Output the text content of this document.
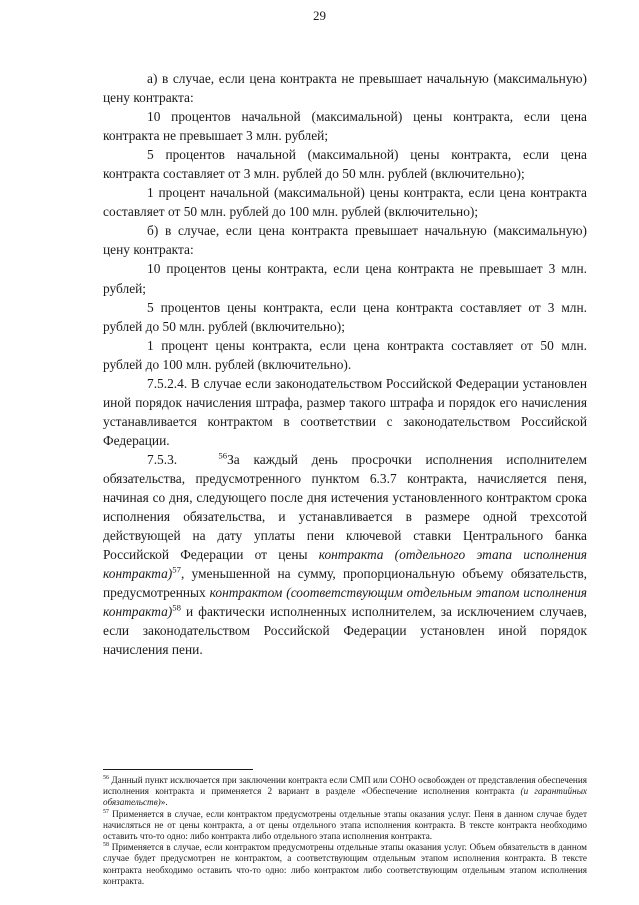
29

а) в случае, если цена контракта не превышает начальную (максимальную) цену контракта:

10 процентов начальной (максимальной) цены контракта, если цена контракта не превышает 3 млн. рублей;

5 процентов начальной (максимальной) цены контракта, если цена контракта составляет от 3 млн. рублей до 50 млн. рублей (включительно);

1 процент начальной (максимальной) цены контракта, если цена контракта составляет от 50 млн. рублей до 100 млн. рублей (включительно);

б) в случае, если цена контракта превышает начальную (максимальную) цену контракта:

10 процентов цены контракта, если цена контракта не превышает 3 млн. рублей;

5 процентов цены контракта, если цена контракта составляет от 3 млн. рублей до 50 млн. рублей (включительно);

1 процент цены контракта, если цена контракта составляет от 50 млн. рублей до 100 млн. рублей (включительно).

7.5.2.4. В случае если законодательством Российской Федерации установлен иной порядок начисления штрафа, размер такого штрафа и порядок его начисления устанавливается контрактом в соответствии с законодательством Российской Федерации.

7.5.3.	$^{56}$За каждый день просрочки исполнения исполнителем обязательства, предусмотренного пунктом 6.3.7 контракта, начисляется пеня, начиная со дня, следующего после дня истечения установленного контрактом срока исполнения обязательства, и устанавливается в размере одной трехсотой действующей на дату уплаты пени ключевой ставки Центрального банка Российской Федерации от цены контракта (отдельного этапа исполнения контракта)$^{57}$, уменьшенной на сумму, пропорциональную объему обязательств, предусмотренных контрактом (соответствующим отдельным этапом исполнения контракта)$^{58}$ и фактически исполненных исполнителем, за исключением случаев, если законодательством Российской Федерации установлен иной порядок начисления пени.

$^{56}$ Данный пункт исключается при заключении контракта если СМП или СОНО освобожден от представления обеспечения исполнения контракта и применяется 2 вариант в разделе «Обеспечение исполнения контракта (и гарантийных обязательств)».

$^{57}$ Применяется в случае, если контрактом предусмотрены отдельные этапы оказания услуг. Пеня в данном случае будет начисляться не от цены контракта, а от цены отдельного этапа исполнения контракта. В тексте контракта необходимо оставить что-то одно: либо контракта либо отдельного этапа исполнения контракта.

$^{58}$ Применяется в случае, если контрактом предусмотрены отдельные этапы оказания услуг. Объем обязательств в данном случае будет предусмотрен не контрактом, а соответствующим отдельным этапом исполнения контракта. В тексте контракта необходимо оставить что-то одно: либо контрактом либо соответствующим отдельным этапом исполнения контракта.
